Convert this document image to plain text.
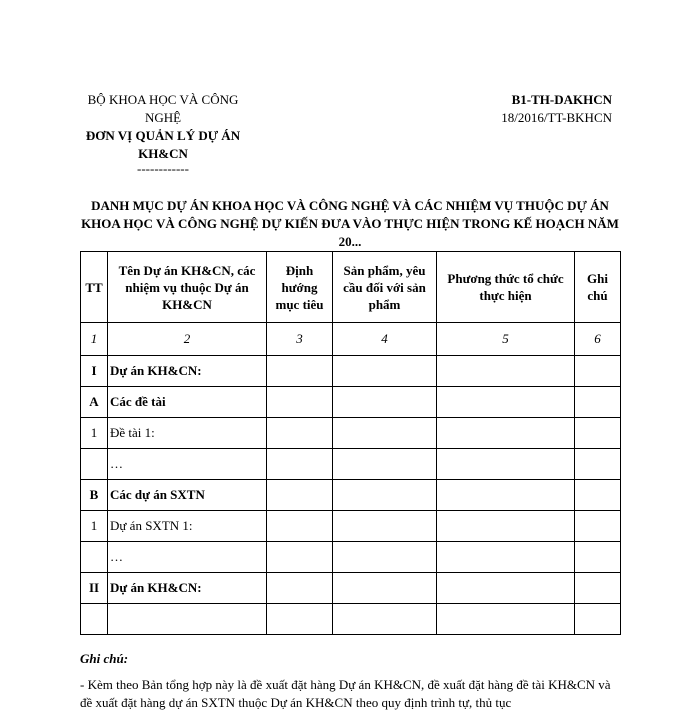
BỘ KHOA HỌC VÀ CÔNG NGHỆ
ĐƠN VỊ QUẢN LÝ DỰ ÁN KH&CN
------------
B1-TH-DAKHCN
18/2016/TT-BKHCN
DANH MỤC DỰ ÁN KHOA HỌC VÀ CÔNG NGHỆ VÀ CÁC NHIỆM VỤ THUỘC DỰ ÁN KHOA HỌC VÀ CÔNG NGHỆ DỰ KIẾN ĐƯA VÀO THỰC HIỆN TRONG KẾ HOẠCH NĂM 20...
TT	Tên Dự án KH&CN, các nhiệm vụ thuộc Dự án KH&CN	Định hướng mục tiêu	Sản phẩm, yêu cầu đối với sản phẩm	Phương thức tổ chức thực hiện	Ghi chú
1	2	3	4	5	6
I	Dự án KH&CN:				
A	Các đề tài				
1	Đề tài 1:				
	…				
B	Các dự án SXTN				
1	Dự án SXTN 1:				
	…				
II	Dự án KH&CN:				

Ghi chú:
- Kèm theo Bản tổng hợp này là đề xuất đặt hàng Dự án KH&CN, đề xuất đặt hàng đề tài KH&CN và đề xuất đặt hàng dự án SXTN thuộc Dự án KH&CN theo quy định trình tự, thủ tục
